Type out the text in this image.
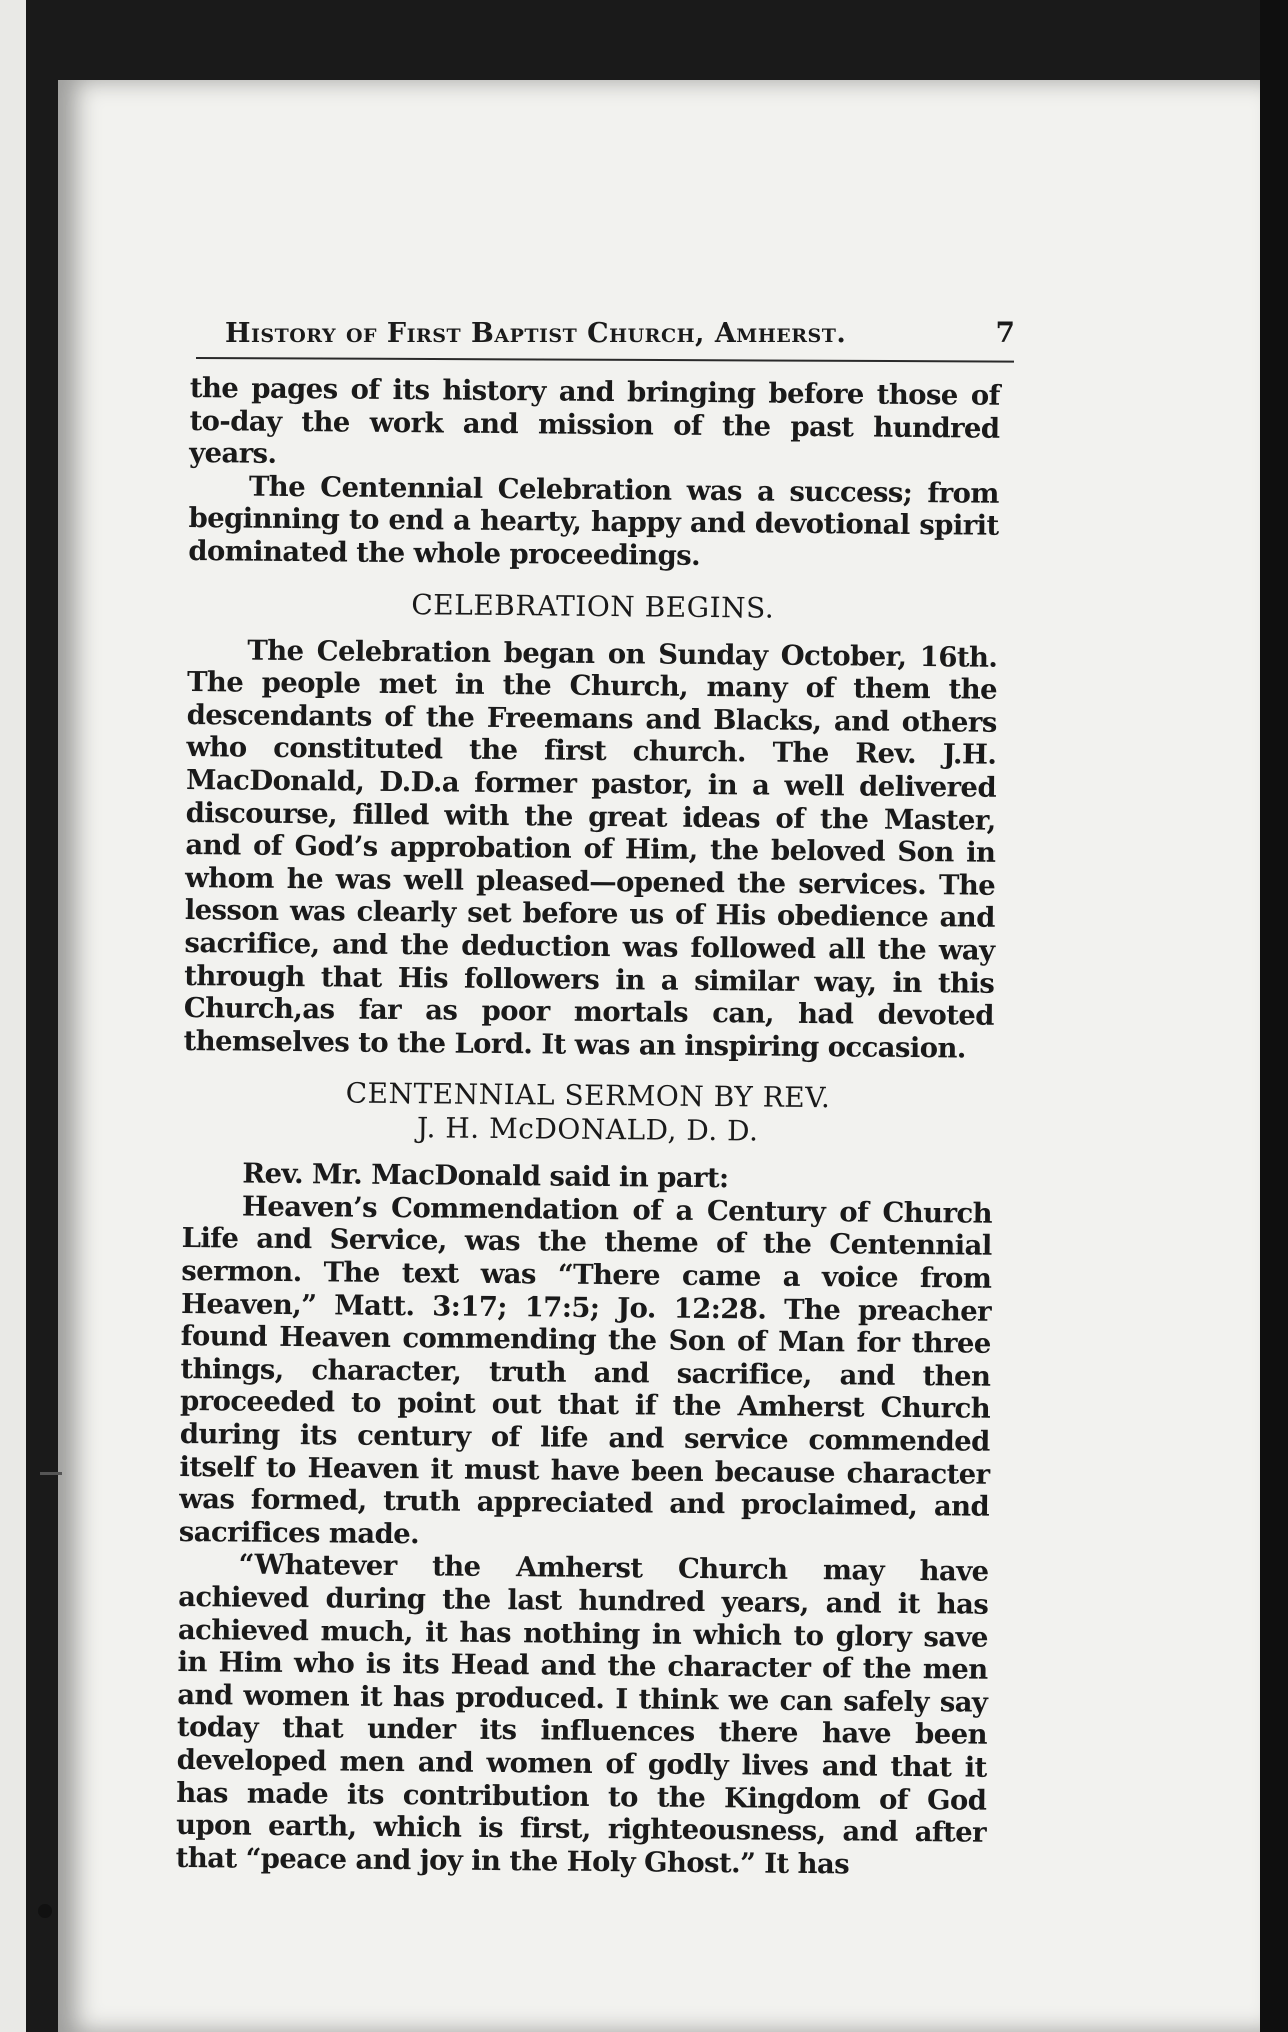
History of First Baptist Church, Amherst.	7

the pages of its history and bringing before those of to-day the work and mission of the past hundred years.

The Centennial Celebration was a success; from beginning to end a hearty, happy and devotional spirit dominated the whole proceedings.

CELEBRATION BEGINS.

The Celebration began on Sunday October, 16th. The people met in the Church, many of them the descendants of the Freemans and Blacks, and others who constituted the first church. The Rev. J.H. MacDonald, D.D.a former pastor, in a well delivered discourse, filled with the great ideas of the Master, and of God’s approbation of Him, the beloved Son in whom he was well pleased—opened the services. The lesson was clearly set before us of His obedience and sacrifice, and the deduction was followed all the way through that His followers in a similar way, in this Church,as far as poor mortals can, had devoted themselves to the Lord. It was an inspiring occasion.

CENTENNIAL SERMON BY REV.
J. H. McDONALD, D. D.

Rev. Mr. MacDonald said in part:

Heaven’s Commendation of a Century of Church Life and Service, was the theme of the Centennial sermon. The text was “There came a voice from Heaven,” Matt. 3:17; 17:5; Jo. 12:28. The preacher found Heaven commending the Son of Man for three things, character, truth and sacrifice, and then proceeded to point out that if the Amherst Church during its century of life and service commended itself to Heaven it must have been because character was formed, truth appreciated and proclaimed, and sacrifices made.

“Whatever the Amherst Church may have achieved during the last hundred years, and it has achieved much, it has nothing in which to glory save in Him who is its Head and the character of the men and women it has produced. I think we can safely say today that under its influences there have been developed men and women of godly lives and that it has made its contribution to the Kingdom of God upon earth, which is first, righteousness, and after that “peace and joy in the Holy Ghost.” It has
